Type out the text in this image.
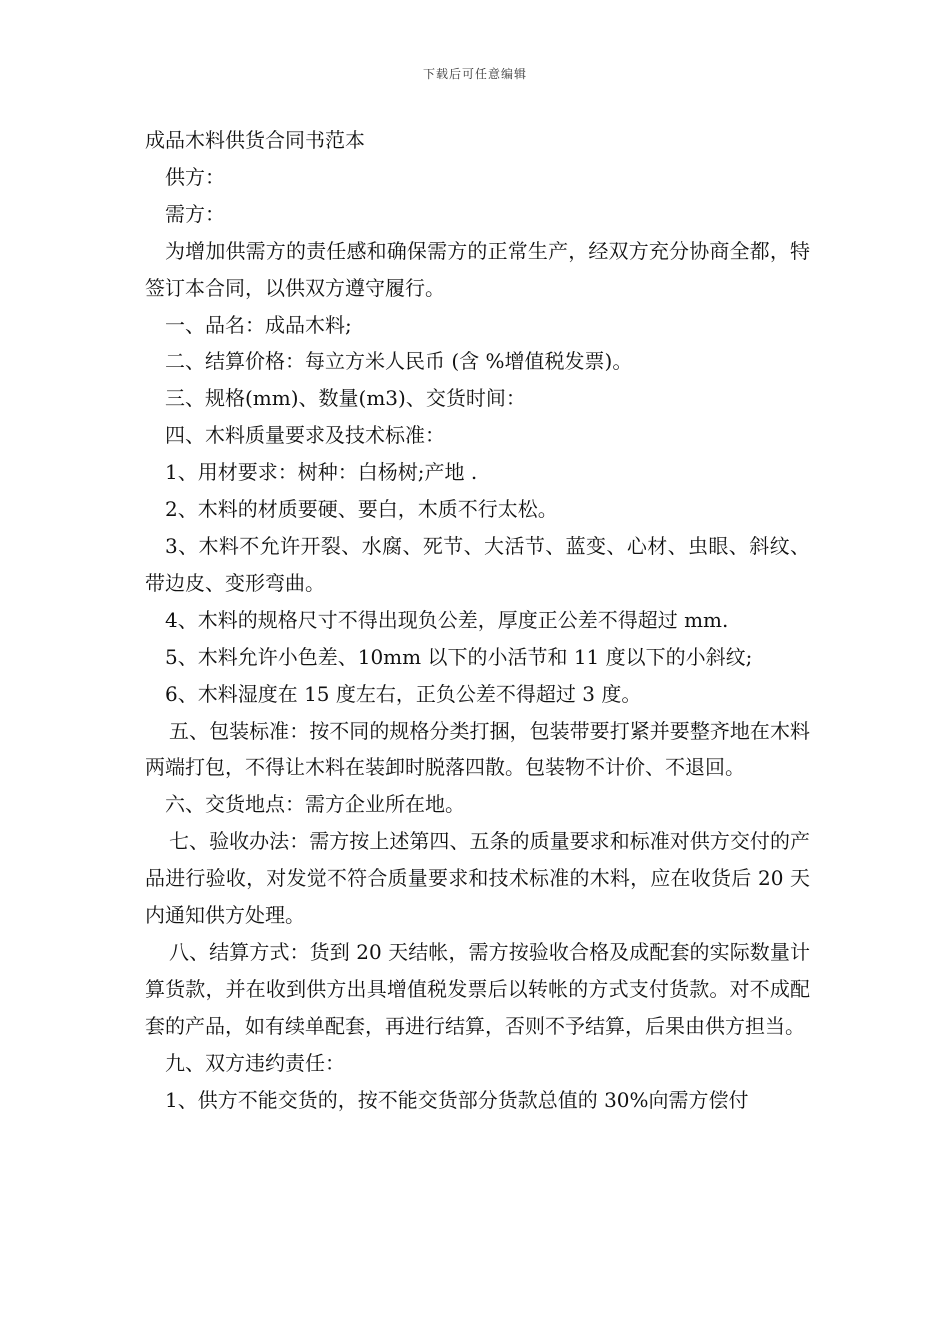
下载后可任意编辑

成品木料供货合同书范本

供方：

需方：

为增加供需方的责任感和确保需方的正常生产，经双方充分协商全都，特签订本合同，以供双方遵守履行。

一、品名：成品木料;

二、结算价格：每立方米人民币 (含 %增值税发票)。

三、规格(mm)、数量(m3)、交货时间：

四、木料质量要求及技术标准：

1、用材要求：树种：白杨树;产地 .

2、木料的材质要硬、要白，木质不行太松。

3、木料不允许开裂、水腐、死节、大活节、蓝变、心材、虫眼、斜纹、带边皮、变形弯曲。

4、木料的规格尺寸不得出现负公差，厚度正公差不得超过 mm.

5、木料允许小色差、10mm 以下的小活节和 11 度以下的小斜纹;

6、木料湿度在 15 度左右，正负公差不得超过 3 度。

五、包装标准：按不同的规格分类打捆，包装带要打紧并要整齐地在木料两端打包，不得让木料在装卸时脱落四散。包装物不计价、不退回。

六、交货地点：需方企业所在地。

七、验收办法：需方按上述第四、五条的质量要求和标准对供方交付的产品进行验收，对发觉不符合质量要求和技术标准的木料，应在收货后 20 天内通知供方处理。

八、结算方式：货到 20 天结帐，需方按验收合格及成配套的实际数量计算货款，并在收到供方出具增值税发票后以转帐的方式支付货款。对不成配套的产品，如有续单配套，再进行结算，否则不予结算，后果由供方担当。

九、双方违约责任：

1、供方不能交货的，按不能交货部分货款总值的 30%向需方偿付
